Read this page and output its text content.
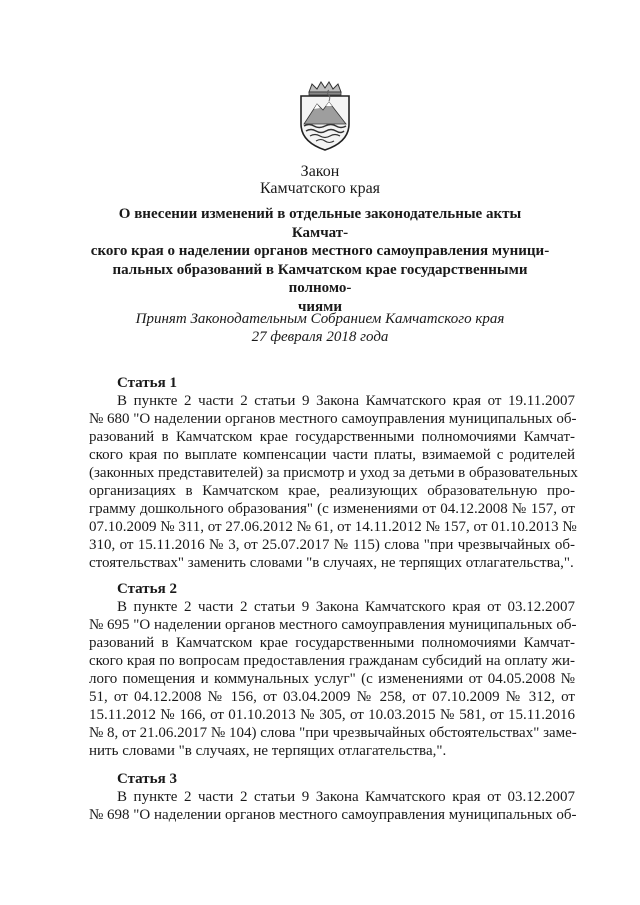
Закон
Камчатского края
О внесении изменений в отдельные законодательные акты Камчат-
ского края о наделении органов местного самоуправления муници-
пальных образований в Камчатском крае государственными полномо-
чиями
Принят Законодательным Собранием Камчатского края
27 февраля 2018 года
Статья 1
В пункте 2 части 2 статьи 9 Закона Камчатского края от 19.11.2007
№ 680 "О наделении органов местного самоуправления муниципальных об-
разований в Камчатском крае государственными полномочиями Камчат-
ского края по выплате компенсации части платы, взимаемой с родителей
(законных представителей) за присмотр и уход за детьми в образовательных
организациях в Камчатском крае, реализующих образовательную про-
грамму дошкольного образования" (с изменениями от 04.12.2008 № 157, от
07.10.2009 № 311, от 27.06.2012 № 61, от 14.11.2012 № 157, от 01.10.2013 №
310, от 15.11.2016 № 3, от 25.07.2017 № 115) слова "при чрезвычайных об-
стоятельствах" заменить словами "в случаях, не терпящих отлагательства,".
Статья 2
В пункте 2 части 2 статьи 9 Закона Камчатского края от 03.12.2007
№ 695 "О наделении органов местного самоуправления муниципальных об-
разований в Камчатском крае государственными полномочиями Камчат-
ского края по вопросам предоставления гражданам субсидий на оплату жи-
лого помещения и коммунальных услуг" (с изменениями от 04.05.2008 №
51, от 04.12.2008 № 156, от 03.04.2009 № 258, от 07.10.2009 № 312, от
15.11.2012 № 166, от 01.10.2013 № 305, от 10.03.2015 № 581, от 15.11.2016
№ 8, от 21.06.2017 № 104) слова "при чрезвычайных обстоятельствах" заме-
нить словами "в случаях, не терпящих отлагательства,".
Статья 3
В пункте 2 части 2 статьи 9 Закона Камчатского края от 03.12.2007
№ 698 "О наделении органов местного самоуправления муниципальных об-
